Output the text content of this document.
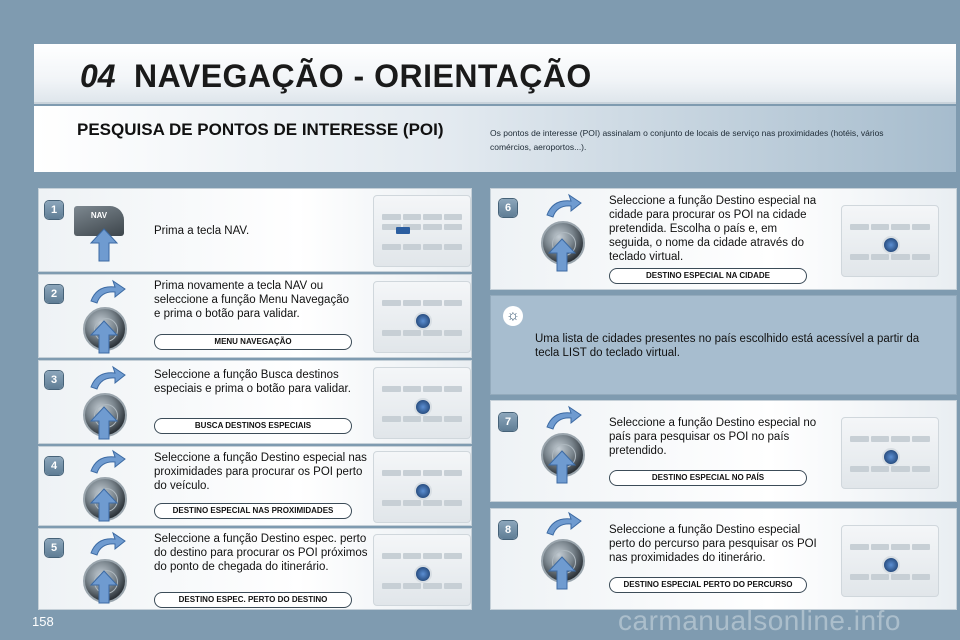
04 NAVEGAÇÃO - ORIENTAÇÃO
PESQUISA DE PONTOS DE INTERESSE (POI)	Os pontos de interesse (POI) assinalam o conjunto de locais de serviço nas proximidades (hotéis, vários comércios, aeroportos...).
1	NAV
Prima a tecla NAV.
2
Prima novamente a tecla NAV ou seleccione a função Menu Navegação e prima o botão para validar.
MENU NAVEGAÇÃO
3	Seleccione a função Busca destinos especiais e prima o botão para validar.
BUSCA DESTINOS ESPECIAIS
4
Seleccione a função Destino especial nas proximidades para procurar os POI perto do veículo.
DESTINO ESPECIAL NAS PROXIMIDADES
5
Seleccione a função Destino espec. perto do destino para procurar os POI próximos do ponto de chegada do itinerário.
DESTINO ESPEC. PERTO DO DESTINO
6
Seleccione a função Destino especial na cidade para procurar os POI na cidade pretendida. Escolha o país e, em seguida, o nome da cidade através do teclado virtual.
DESTINO ESPECIAL NA CIDADE
☼
Uma lista de cidades presentes no país escolhido está acessível a partir da tecla LIST do teclado virtual.
7	Seleccione a função Destino especial no país para pesquisar os POI no país pretendido.
DESTINO ESPECIAL NO PAÍS
8	Seleccione a função Destino especial perto do percurso para pesquisar os POI nas proximidades do itinerário.
DESTINO ESPECIAL PERTO DO PERCURSO
158	carmanualsonline.info
